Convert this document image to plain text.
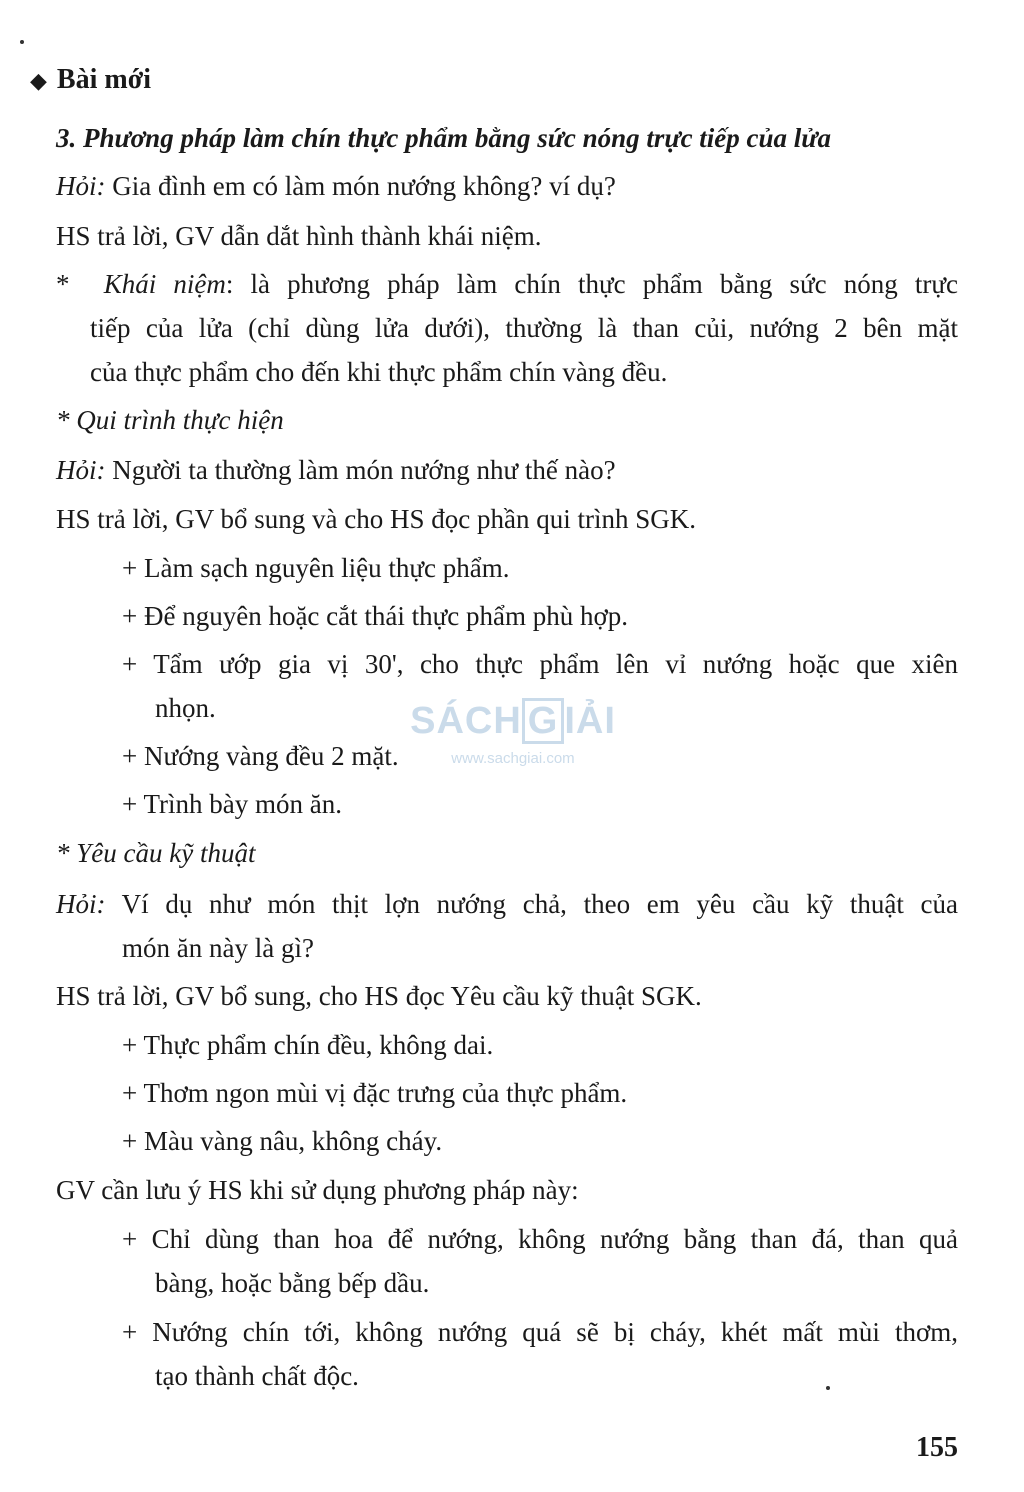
◆ Bài mới
3. Phương pháp làm chín thực phẩm bằng sức nóng trực tiếp của lửa
Hỏi: Gia đình em có làm món nướng không? ví dụ?
HS trả lời, GV dẫn dắt hình thành khái niệm.
* Khái niệm: là phương pháp làm chín thực phẩm bằng sức nóng trực
tiếp của lửa (chỉ dùng lửa dưới), thường là than củi, nướng 2 bên mặt
của thực phẩm cho đến khi thực phẩm chín vàng đều.
* Qui trình thực hiện
Hỏi: Người ta thường làm món nướng như thế nào?
HS trả lời, GV bổ sung và cho HS đọc phần qui trình SGK.
+ Làm sạch nguyên liệu thực phẩm.
+ Để nguyên hoặc cắt thái thực phẩm phù hợp.
+ Tẩm ướp gia vị 30', cho thực phẩm lên vỉ nướng hoặc que xiên
nhọn.
+ Nướng vàng đều 2 mặt.
+ Trình bày món ăn.
* Yêu cầu kỹ thuật
Hỏi: Ví dụ như món thịt lợn nướng chả, theo em yêu cầu kỹ thuật của
món ăn này là gì?
HS trả lời, GV bổ sung, cho HS đọc Yêu cầu kỹ thuật SGK.
+ Thực phẩm chín đều, không dai.
+ Thơm ngon mùi vị đặc trưng của thực phẩm.
+ Màu vàng nâu, không cháy.
GV cần lưu ý HS khi sử dụng phương pháp này:
+ Chỉ dùng than hoa để nướng, không nướng bằng than đá, than quả
bàng, hoặc bằng bếp dầu.
+ Nướng chín tới, không nướng quá sẽ bị cháy, khét mất mùi thơm,
tạo thành chất độc.
SÁCH G IẢI
www.sachgiai.com
155
